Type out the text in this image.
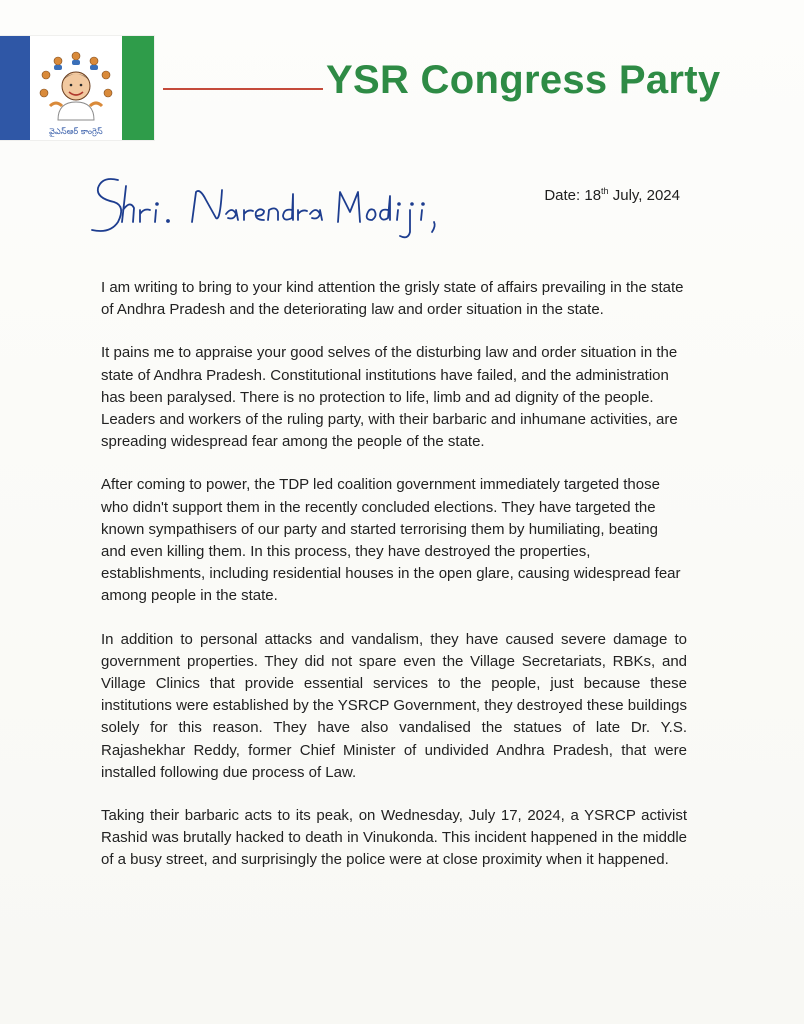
వైఎస్ఆర్ కాంగ్రెస్
YSR Congress Party
Date: 18th July, 2024

I am writing to bring to your kind attention the grisly state of affairs prevailing in the state of Andhra Pradesh and the deteriorating law and order situation in the state.

It pains me to appraise your good selves of the disturbing law and order situation in the state of Andhra Pradesh. Constitutional institutions have failed, and the administration has been paralysed. There is no protection to life, limb and ad dignity of the people. Leaders and workers of the ruling party, with their barbaric and inhumane activities, are spreading widespread fear among the people of the state.

After coming to power, the TDP led coalition government immediately targeted those who didn't support them in the recently concluded elections. They have targeted the known sympathisers of our party and started terrorising them by humiliating, beating and even killing them. In this process, they have destroyed the properties, establishments, including residential houses in the open glare, causing widespread fear among people in the state.

In addition to personal attacks and vandalism, they have caused severe damage to government properties. They did not spare even the Village Secretariats, RBKs, and Village Clinics that provide essential services to the people, just because these institutions were established by the YSRCP Government, they destroyed these buildings solely for this reason. They have also vandalised the statues of late Dr. Y.S. Rajashekhar Reddy, former Chief Minister of undivided Andhra Pradesh, that were installed following due process of Law.

Taking their barbaric acts to its peak, on Wednesday, July 17, 2024, a YSRCP activist Rashid was brutally hacked to death in Vinukonda. This incident happened in the middle of a busy street, and surprisingly the police were at close proximity when it happened.
